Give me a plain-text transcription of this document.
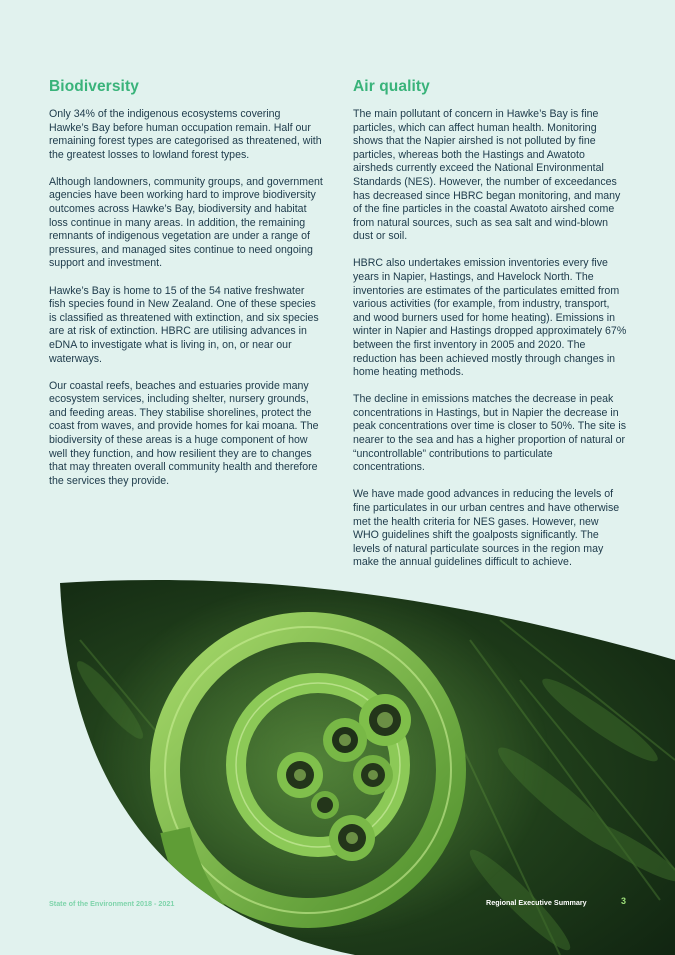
Biodiversity

Only 34% of the indigenous ecosystems covering Hawke’s Bay before human occupation remain. Half our remaining forest types are categorised as threatened, with the greatest losses to lowland forest types.

Although landowners, community groups, and government agencies have been working hard to improve biodiversity outcomes across Hawke’s Bay, biodiversity and habitat loss continue in many areas. In addition, the remaining remnants of indigenous vegetation are under a range of pressures, and managed sites continue to need ongoing support and investment.

Hawke’s Bay is home to 15 of the 54 native freshwater fish species found in New Zealand. One of these species is classified as threatened with extinction, and six species are at risk of extinction. HBRC are utilising advances in eDNA to investigate what is living in, on, or near our waterways.

Our coastal reefs, beaches and estuaries provide many ecosystem services, including shelter, nursery grounds, and feeding areas. They stabilise shorelines, protect the coast from waves, and provide homes for kai moana. The biodiversity of these areas is a huge component of how well they function, and how resilient they are to changes that may threaten overall community health and therefore the services they provide.

Air quality

The main pollutant of concern in Hawke’s Bay is fine particles, which can affect human health. Monitoring shows that the Napier airshed is not polluted by fine particles, whereas both the Hastings and Awatoto airsheds currently exceed the National Environmental Standards (NES). However, the number of exceedances has decreased since HBRC began monitoring, and many of the fine particles in the coastal Awatoto airshed come from natural sources, such as sea salt and wind-blown dust or soil.

HBRC also undertakes emission inventories every five years in Napier, Hastings, and Havelock North. The inventories are estimates of the particulates emitted from various activities (for example, from industry, transport, and wood burners used for home heating). Emissions in winter in Napier and Hastings dropped approximately 67% between the first inventory in 2005 and 2020. The reduction has been achieved mostly through changes in home heating methods.

The decline in emissions matches the decrease in peak concentrations in Hastings, but in Napier the decrease in peak concentrations over time is closer to 50%. The site is nearer to the sea and has a higher proportion of natural or “uncontrollable” contributions to particulate concentrations.

We have made good advances in reducing the levels of fine particulates in our urban centres and have otherwise met the health criteria for NES gases. However, new WHO guidelines shift the goalposts significantly. The levels of natural particulate sources in the region may make the annual guidelines difficult to achieve.

State of the Environment 2018 - 2021	Regional Executive Summary	3
